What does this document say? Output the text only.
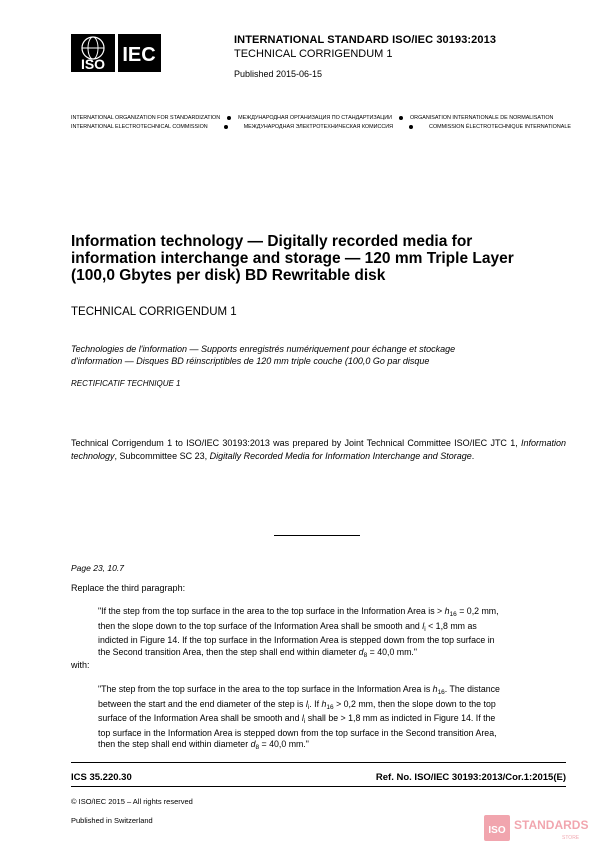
ISO IEC
INTERNATIONAL STANDARD ISO/IEC 30193:2013
TECHNICAL CORRIGENDUM 1
Published 2015-06-15
INTERNATIONAL ORGANIZATION FOR STANDARDIZATION	МЕЖДУНАРОДНАЯ ОРГАНИЗАЦИЯ ПО СТАНДАРТИЗАЦИИ	ORGANISATION INTERNATIONALE DE NORMALISATION
INTERNATIONAL ELECTROTECHNICAL COMMISSION	МЕЖДУНАРОДНАЯ ЭЛЕКТРОТЕХНИЧЕСКАЯ КОМИССИЯ	COMMISSION ÉLECTROTECHNIQUE INTERNATIONALE
Information technology — Digitally recorded media for
information interchange and storage — 120 mm Triple Layer
(100,0 Gbytes per disk) BD Rewritable disk
TECHNICAL CORRIGENDUM 1
Technologies de l'information — Supports enregistrés numériquement pour échange et stockage
d'information — Disques BD réinscriptibles de 120 mm triple couche (100,0 Go par disque
RECTIFICATIF TECHNIQUE 1
Technical Corrigendum 1 to ISO/IEC 30193:2013 was prepared by Joint Technical Committee ISO/IEC JTC 1, Information technology, Subcommittee SC 23, Digitally Recorded Media for Information Interchange and Storage.
Page 23, 10.7
Replace the third paragraph:
"If the step from the top surface in the area to the top surface in the Information Area is > $h_{16} = 0,2$ mm,
then the slope down to the top surface of the Information Area shall be smooth and $l_i < 1,8$ mm as
indicted in Figure 14. If the top surface in the Information Area is stepped down from the top surface in
the Second transition Area, then the step shall end within diameter $d_8 = 40,0$ mm."
with:
"The step from the top surface in the area to the top surface in the Information Area is $h_{16}$. The distance
between the start and the end diameter of the step is $l_i$. If $h_{16} > 0,2$ mm, then the slope down to the top
surface of the Information Area shall be smooth and $l_i$ shall be > 1,8 mm as indicted in Figure 14. If the
top surface in the Information Area is stepped down from the top surface in the Second transition Area,
then the step shall end within diameter $d_8 = 40,0$ mm."
ICS 35.220.30	Ref. No. ISO/IEC 30193:2013/Cor.1:2015(E)
© ISO/IEC 2015 – All rights reserved
Published in Switzerland
ISO STANDARDS
STORE
